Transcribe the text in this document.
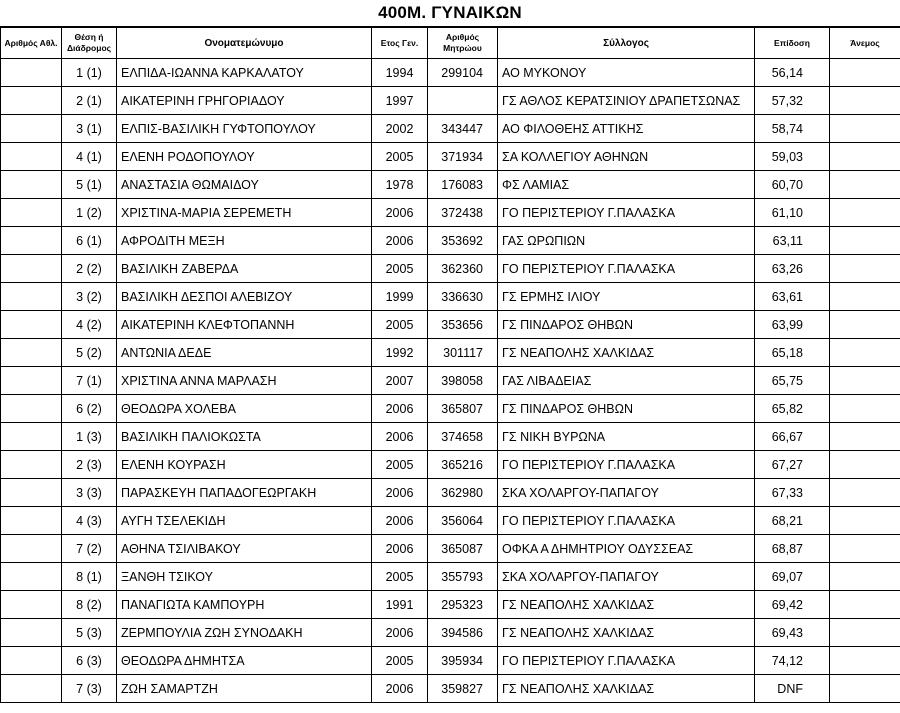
400Μ. ΓΥΝΑΙΚΩΝ
Αριθμός Αθλ.	Θέση ή Διάδρομος	Ονοματεμώνυμο	Ετος Γεν.	Αριθμός Μητρώου	Σύλλογος	Επίδοση	Άνεμος
	1 (1)	ΕΛΠΙΔΑ-ΙΩΑΝΝΑ ΚΑΡΚΑΛΑΤΟΥ	1994	299104	ΑΟ ΜΥΚΟΝΟΥ	56,14	
	2 (1)	ΑΙΚΑΤΕΡΙΝΗ ΓΡΗΓΟΡΙΑΔΟΥ	1997		ΓΣ ΑΘΛΟΣ ΚΕΡΑΤΣΙΝΙΟΥ ΔΡΑΠΕΤΣΩΝΑΣ	57,32	
	3 (1)	ΕΛΠΙΣ-ΒΑΣΙΛΙΚΗ ΓΥΦΤΟΠΟΥΛΟΥ	2002	343447	ΑΟ ΦΙΛΟΘΕΗΣ ΑΤΤΙΚΗΣ	58,74	
	4 (1)	ΕΛΕΝΗ ΡΟΔΟΠΟΥΛΟΥ	2005	371934	ΣΑ ΚΟΛΛΕΓΙΟΥ ΑΘΗΝΩΝ	59,03	
	5 (1)	ΑΝΑΣΤΑΣΙΑ ΘΩΜΑΙΔΟΥ	1978	176083	ΦΣ ΛΑΜΙΑΣ	60,70	
	1 (2)	ΧΡΙΣΤΙΝΑ-ΜΑΡΙΑ ΣΕΡΕΜΕΤΗ	2006	372438	ΓΟ ΠΕΡΙΣΤΕΡΙΟΥ Γ.ΠΑΛΑΣΚΑ	61,10	
	6 (1)	ΑΦΡΟΔΙΤΗ ΜΕΞΗ	2006	353692	ΓΑΣ ΩΡΩΠΙΩΝ	63,11	
	2 (2)	ΒΑΣΙΛΙΚΗ ΖΑΒΕΡΔΑ	2005	362360	ΓΟ ΠΕΡΙΣΤΕΡΙΟΥ Γ.ΠΑΛΑΣΚΑ	63,26	
	3 (2)	ΒΑΣΙΛΙΚΗ ΔΕΣΠΟΙ ΑΛΕΒΙΖΟΥ	1999	336630	ΓΣ ΕΡΜΗΣ ΙΛΙΟΥ	63,61	
	4 (2)	ΑΙΚΑΤΕΡΙΝΗ ΚΛΕΦΤΟΠΑΝΝΗ	2005	353656	ΓΣ ΠΙΝΔΑΡΟΣ ΘΗΒΩΝ	63,99	
	5 (2)	ΑΝΤΩΝΙΑ ΔΕΔΕ	1992	301117	ΓΣ ΝΕΑΠΟΛΗΣ ΧΑΛΚΙΔΑΣ	65,18	
	7 (1)	ΧΡΙΣΤΙΝΑ ΑΝΝΑ ΜΑΡΛΑΣΗ	2007	398058	ΓΑΣ ΛΙΒΑΔΕΙΑΣ	65,75	
	6 (2)	ΘΕΟΔΩΡΑ ΧΟΛΕΒΑ	2006	365807	ΓΣ ΠΙΝΔΑΡΟΣ ΘΗΒΩΝ	65,82	
	1 (3)	ΒΑΣΙΛΙΚΗ ΠΑΛΙΟΚΩΣΤΑ	2006	374658	ΓΣ ΝΙΚΗ ΒΥΡΩΝΑ	66,67	
	2 (3)	ΕΛΕΝΗ ΚΟΥΡΑΣΗ	2005	365216	ΓΟ ΠΕΡΙΣΤΕΡΙΟΥ Γ.ΠΑΛΑΣΚΑ	67,27	
	3 (3)	ΠΑΡΑΣΚΕΥΗ ΠΑΠΑΔΟΓΕΩΡΓΑΚΗ	2006	362980	ΣΚΑ ΧΟΛΑΡΓΟΥ-ΠΑΠΑΓΟΥ	67,33	
	4 (3)	ΑΥΓΗ ΤΣΕΛΕΚΙΔΗ	2006	356064	ΓΟ ΠΕΡΙΣΤΕΡΙΟΥ Γ.ΠΑΛΑΣΚΑ	68,21	
	7 (2)	ΑΘΗΝΑ ΤΣΙΛΙΒΑΚΟΥ	2006	365087	ΟΦΚΑ Α ΔΗΜΗΤΡΙΟΥ ΟΔΥΣΣΕΑΣ	68,87	
	8 (1)	ΞΑΝΘΗ ΤΣΙΚΟΥ	2005	355793	ΣΚΑ ΧΟΛΑΡΓΟΥ-ΠΑΠΑΓΟΥ	69,07	
	8 (2)	ΠΑΝΑΓΙΩΤΑ ΚΑΜΠΟΥΡΗ	1991	295323	ΓΣ ΝΕΑΠΟΛΗΣ ΧΑΛΚΙΔΑΣ	69,42	
	5 (3)	ΖΕΡΜΠΟΥΛΙΑ ΖΩΗ ΣΥΝΟΔΑΚΗ	2006	394586	ΓΣ ΝΕΑΠΟΛΗΣ ΧΑΛΚΙΔΑΣ	69,43	
	6 (3)	ΘΕΟΔΩΡΑ ΔΗΜΗΤΣΑ	2005	395934	ΓΟ ΠΕΡΙΣΤΕΡΙΟΥ Γ.ΠΑΛΑΣΚΑ	74,12	
	7 (3)	ΖΩΗ ΣΑΜΑΡΤΖΗ	2006	359827	ΓΣ ΝΕΑΠΟΛΗΣ ΧΑΛΚΙΔΑΣ	DNF	
